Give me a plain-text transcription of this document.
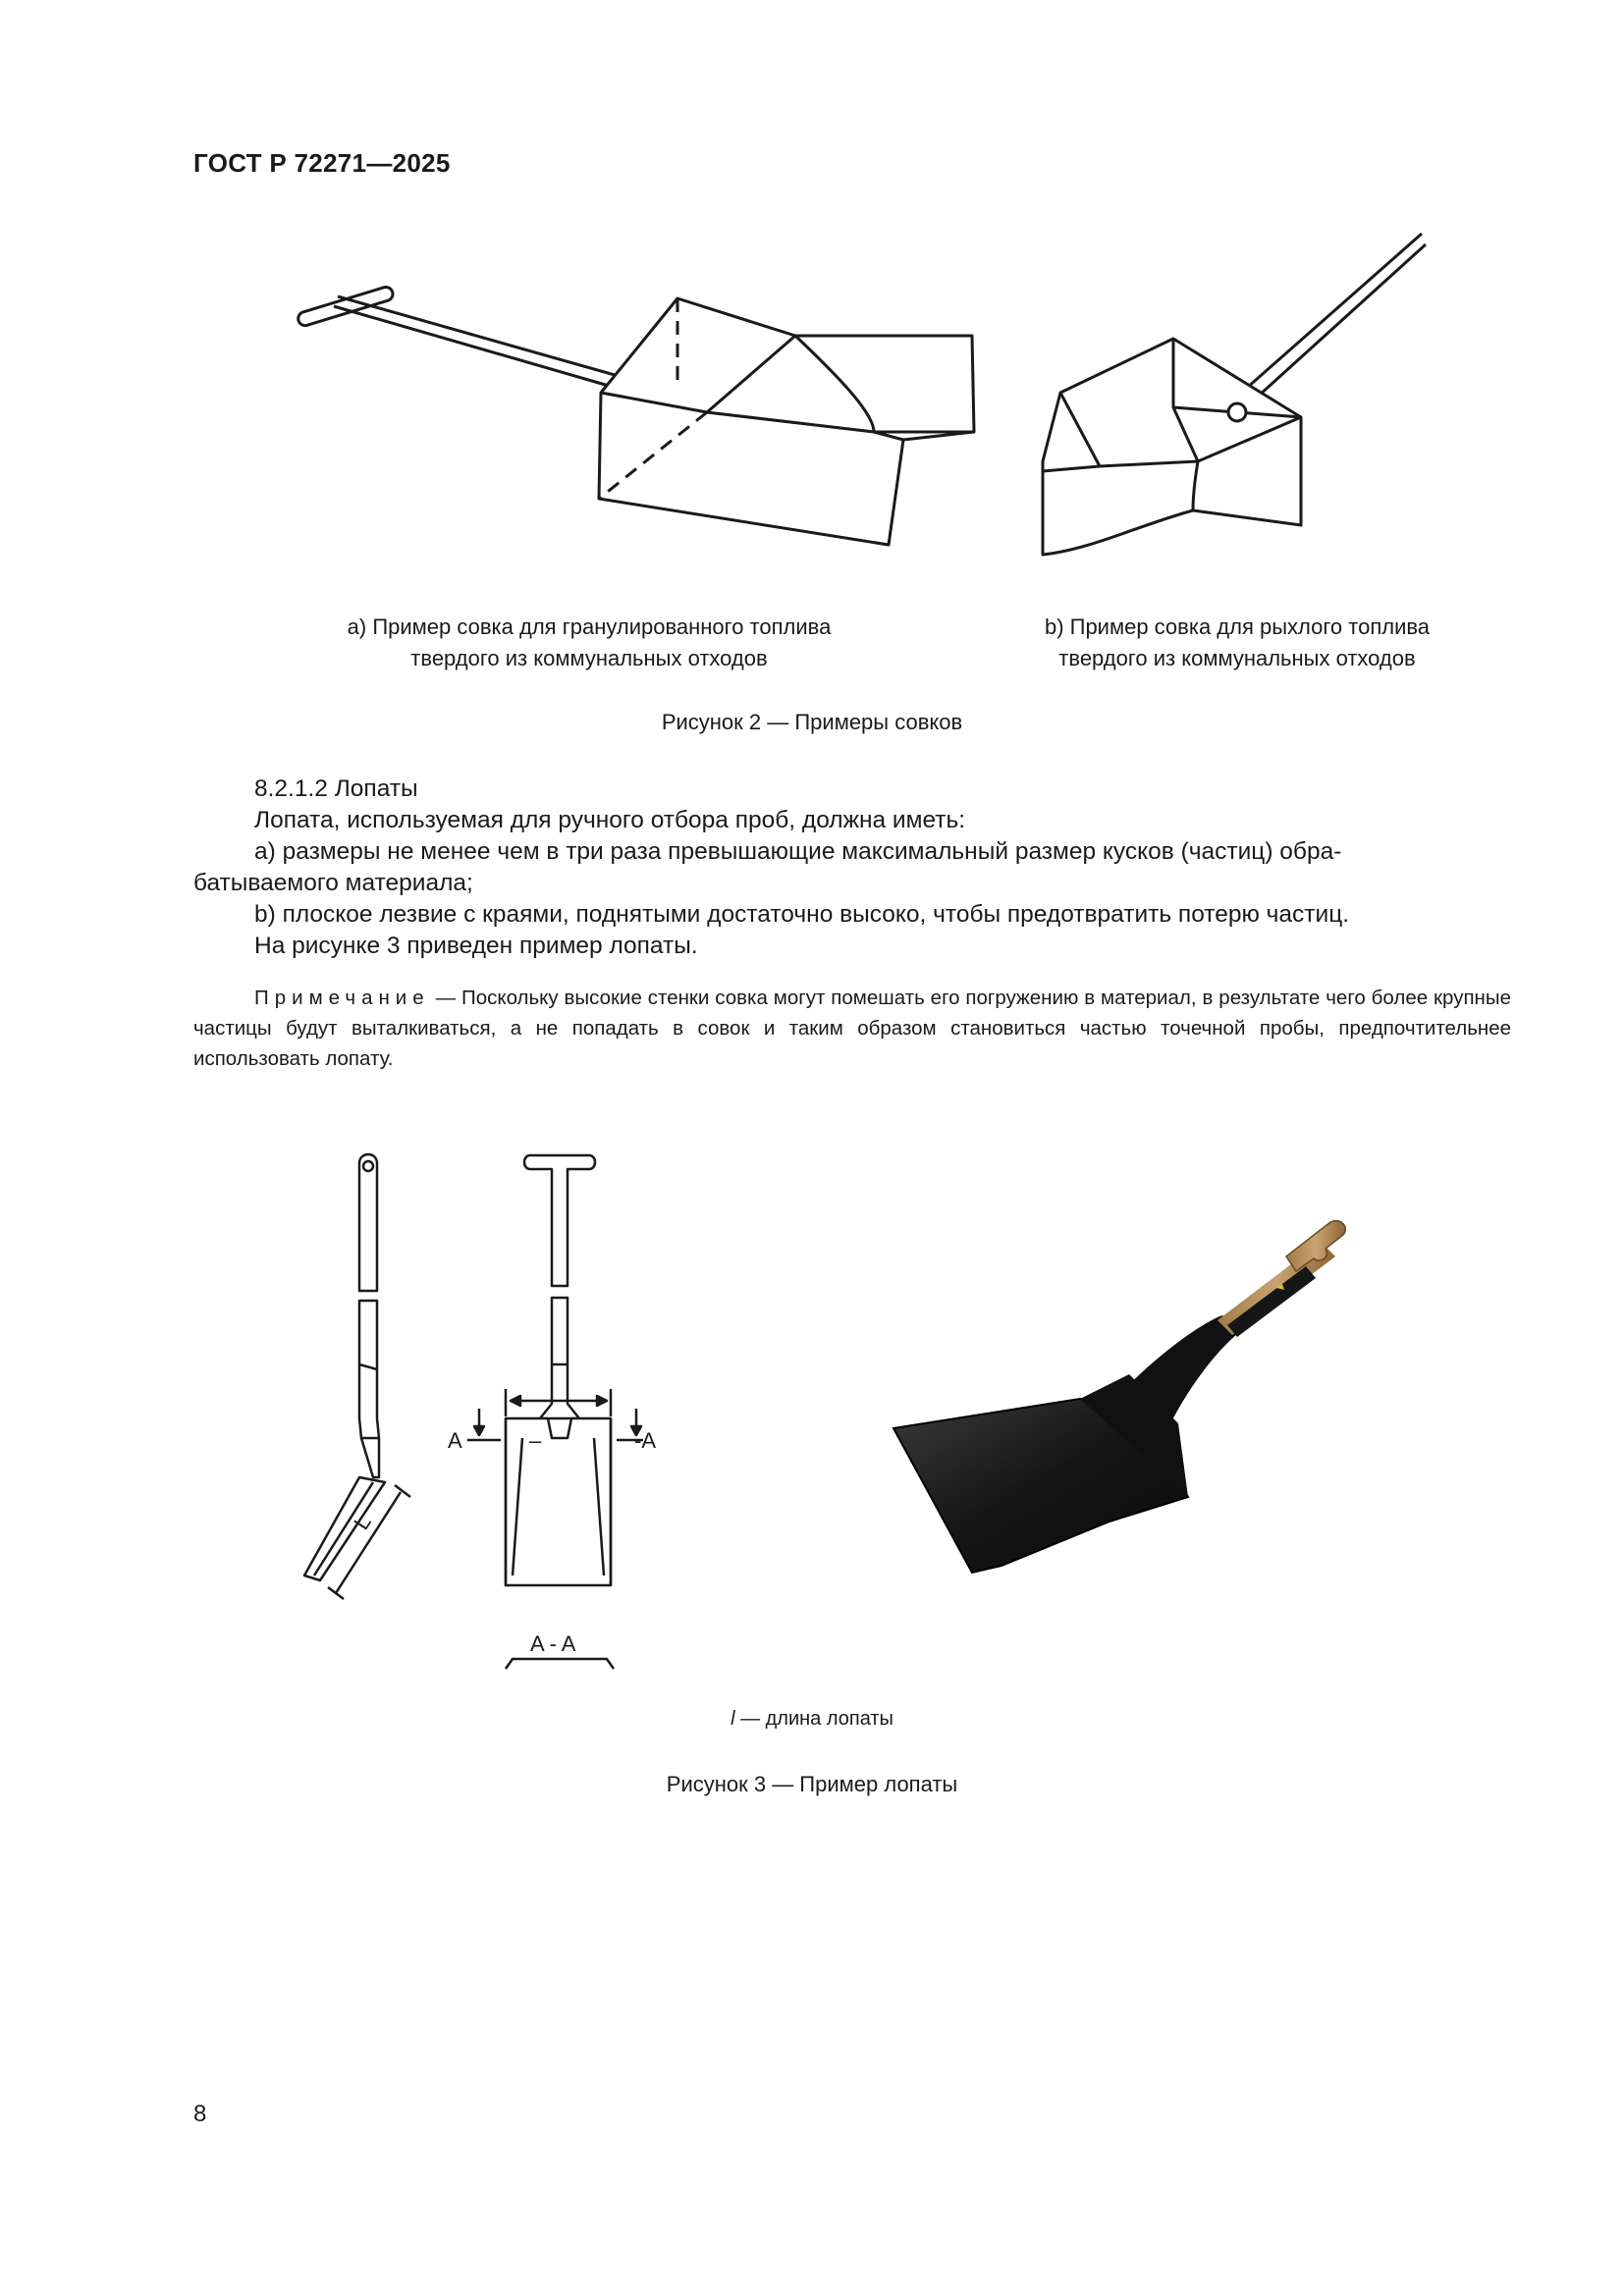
ГОСТ Р 72271—2025
a) Пример совка для гранулированного топлива
твердого из коммунальных отходов
b) Пример совка для рыхлого топлива
твердого из коммунальных отходов
Рисунок 2 — Примеры совков
8.2.1.2 Лопаты
Лопата, используемая для ручного отбора проб, должна иметь:
a) размеры не менее чем в три раза превышающие максимальный размер кусков (частиц) обра-
батываемого материала;
b) плоское лезвие с краями, поднятыми достаточно высоко, чтобы предотвратить потерю частиц.
На рисунке 3 приведен пример лопаты.
Примечание — Поскольку высокие стенки совка могут помешать его погружению в материал, в результате чего более крупные частицы будут выталкиваться, а не попадать в совок и таким образом становиться частью точечной пробы, предпочтительнее использовать лопату.
L
A	–	-A
A - A
l — длина лопаты
Рисунок 3 — Пример лопаты
8
